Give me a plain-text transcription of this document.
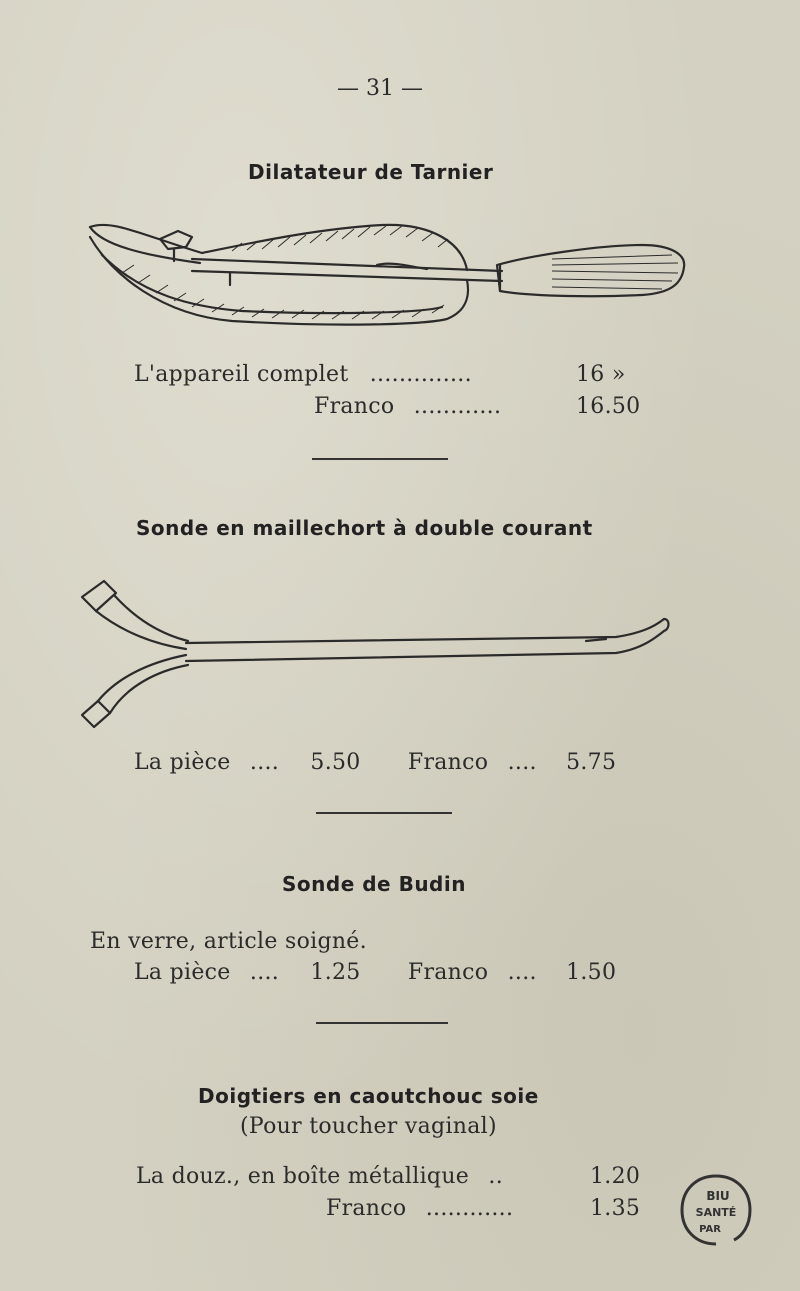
— 31 —
Dilatateur de Tarnier
L'appareil complet ..............	16 »
Franco ............	16.50
Sonde en maillechort à double courant
La pièce .... 5.50 Franco .... 5.75
Sonde de Budin
En verre, article soigné.
La pièce .... 1.25 Franco .... 1.50
Doigtiers en caoutchouc soie
(Pour toucher vaginal)
La douz., en boîte métallique ..	1.20
Franco ............	1.35	BIU
SANTÉ
PAR
